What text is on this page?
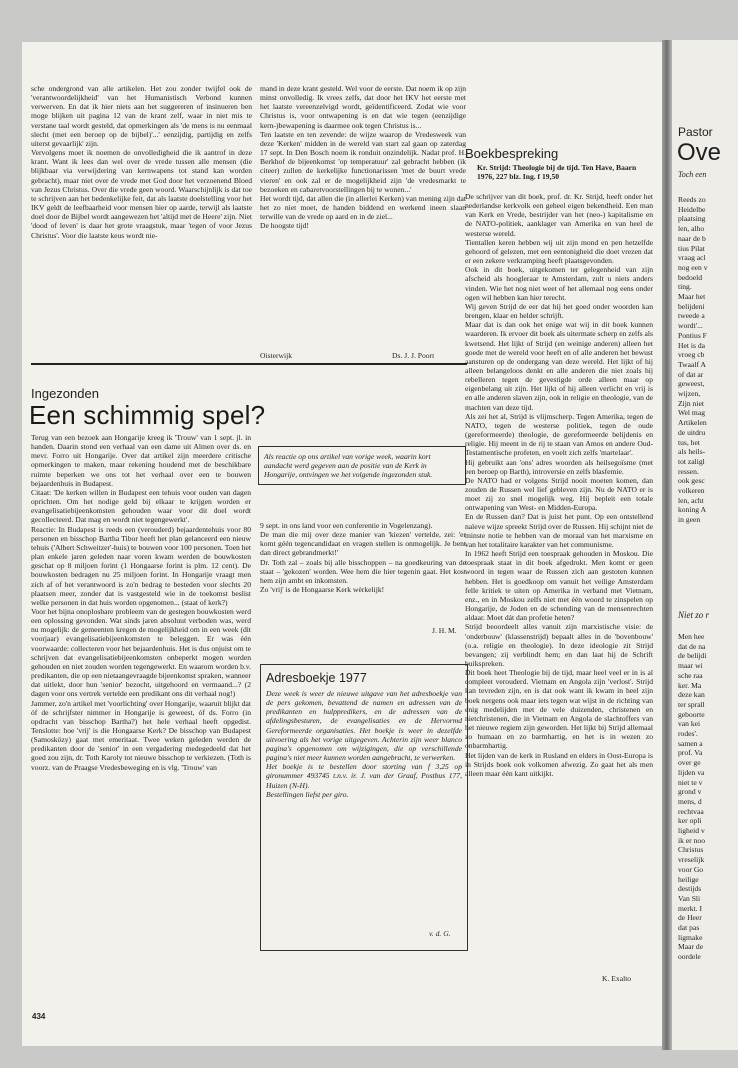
sche ondergrond van alle artikelen. Het zou zonder twijfel ook de 'verantwoordelijkheid' van het Humanistisch Verbond kunnen verwerven. En dat ik hier niets aan het suggereren of insinueren ben moge blijken uit pagina 12 van de krant zelf, waar in niet mis te verstane taal wordt gesteld, dat opmerkingen als 'de mens is nu eenmaal slecht (met een beroep op de bijbel)'...' eenzijdig, partijdig en zelfs uiterst gevaarlijk' zijn.
Vervolgens moet ik noemen de onvolledigheid die ik aantrof in deze krant. Want ik lees dan wel over de vrede tussen alle mensen (die blijkbaar via verwijdering van kernwapens tot stand kan worden gebracht), maar niet over de vrede met God door het verzoenend Bloed van Jezus Christus. Over die vrede geen woord. Waarschijnlijk is dat toe te schrijven aan het bedenkelijke feit, dat als laatste doelstelling voor het IKV geldt de leefbaarheid voor mensen hier op aarde, terwijl als laatste doel door de Bijbel wordt aangewezen het 'altijd met de Heere' zijn. Niet 'dood of leven' is daar het grote vraagstuk, maar 'tegen of voor Jezus Christus'. Voor die laatste keus wordt nie-
mand in deze krant gesteld. Wel voor de eerste. Dat noem ik op zijn minst onvolledig. Ik vrees zelfs, dat door het IKV het eerste met het laatste vereenzelvigd wordt, geïdentificeerd. Zodat wie voor Christus is, voor ontwapening is en dat wie tegen (eenzijdige kern-)bewapening is daarmee ook tegen Christus is...
Ten laatste en ten zevende: de wijze waarop de Vredesweek van deze 'Kerken' midden in de wereld van start zal gaan op zaterdag 17 sept. In Den Bosch noem ik ronduit onzindelijk. Nadat prof. H. Berkhof de bijeenkomst 'op temperatuur' zal gebracht hebben (ik citeer) zullen de kerkelijke functionarissen 'met de buurt vrede vieren' en ook zal er de mogelijkheid zijn 'de vredesmarkt te bezoeken en cabaretvoorstellingen bij te wonen...'
Het wordt tijd, dat allen die (in allerlei Kerken) van mening zijn dat het zo niet moet, de handen biddend en werkend ineen slaan terwille van de vrede op aard en in de ziel...
De hoogste tijd!
Oisterwijk	Ds. J. J. Poort
Ingezonden
Een schimmig spel?
Terug van een bezoek aan Hongarije kreeg ik 'Trouw' van 1 sept. jl. in handen. Daarin stond een verhaal van een dame uit Almen over ds. en mevr. Forro uit Hongarije. Over dat artikel zijn meerdere critische opmerkingen te maken, maar rekening houdend met de beschikbare ruimte beperken we ons tot het verhaal over een te bouwen bejaardenhuis in Budapest.
Citaat: 'De kerken willen in Budapest een tehuis voor ouden van dagen oprichten. Om het nodige geld bij elkaar te krijgen worden er evangelisatiebijeenkomsten gehouden waar voor dit doel wordt gecollecteerd. Dat mag en wordt niet tegengewerkt'.
Reactie: In Budapest is reeds een (verouderd) bejaardentehuis voor 80 personen en bisschop Bartha Tibor heeft het plan gelanceerd een nieuw tehuis ('Albert Schweitzer'-huis) te bouwen voor 100 personen. Toen het plan enkele jaren geleden naar voren kwam werden de bouwkosten geschat op 8 miljoen forint (1 Hongaarse forint is plm. 12 cent). De bouwkosten bedragen nu 25 miljoen forint. In Hongarije vraagt men zich af of het verantwoord is zo'n bedrag te besteden voor slechts 20 plaatsen meer, zonder dat is vastgesteld wie in de toekomst beslist welke personen in dat huis worden opgenomen... (staat of kerk?)
Voor het bijna onoplosbare probleem van de gestegen bouwkosten werd een oplossing gevonden. Wat sinds jaren absoluut verboden was, werd nu mogelijk: de gemeenten kregen de mogelijkheid om in een week (dit voorjaar) evangelisatiebijeenkomsten te beleggen. Er was één voorwaarde: collecteren voor het bejaardenhuis. Het is dus onjuist om te schrijven dat evangelisatiebijeenkomsten onbeperkt mogen worden gehouden en niet zouden worden tegengewerkt. En waarom worden b.v. predikanten, die op een nietaangevraagde bijeenkomst spraken, wanneer dat uitlekt, door hun 'senior' bezocht, uitgehoord en vermaand...? (2 dagen voor ons vertrek vertelde een predikant ons dit verhaal nog!)
Jammer, zo'n artikel met 'voorlichting' over Hongarije, waaruit blijkt dat óf de schrijfster nimmer in Hongarije is geweest, óf ds. Forro (in opdracht van bisschop Bartha?) het hele verhaal heeft opgedist. Tenslotte: hoe 'vrij' is die Hongaarse Kerk? De bisschop van Budapest (Samosközy) gaat met emeritaat. Twee weken geleden werden de predikanten door de 'senior' in een vergadering medegedeeld dat het goed zou zijn, dr. Toth Karoly tot nieuwe bisschop te verkiezen. (Toth is voorz. van de Praagse Vredesbeweging en is vlg. 'Trouw' van
Als reactie op ons artikel van vorige week, waarin kort aandacht werd gegeven aan de positie van de Kerk in Hongarije, ontvingen we het volgende ingezonden stuk.
9 sept. in ons land voor een conferentie in Vogelenzang).
De man die mij over deze manier van 'kiezen' vertelde, zei: 'er komt géén tegencandidaat en vragen stellen is onmogelijk. Je bent dan direct gebrandmerkt!'
Dr. Toth zal – zoals bij alle bisschoppen – na goedkeuring van de staat – 'gekozen' worden. Wee hem die hier tegenin gaat. Het kost hem zijn ambt en inkomsten.
Zo 'vrij' is de Hongaarse Kerk wèrkelijk!
J. H. M.
Adresboekje 1977
Deze week is weer de nieuwe uitgave van het adresboekje van de pers gekomen, bevattend de namen en adressen van de predikanten en hulppredikers, en de adressen van de afdelingsbesturen, de evangelisaties en de Hervormd Gereformeerde organisaties. Het boekje is weer in dezelfde uitvoering als het vorige uitgegeven. Achterin zijn weer blanco pagina's opgenomen om wijzigingen, die op verschillende pagina's niet meer kunnen worden aangebracht, te verwerken.
Het boekje is te bestellen door storting van f 3,25 op gironummer 493745 t.n.v. ir. J. van der Graaf, Postbus 177, Huizen (N-H).
Bestellingen liefst per giro.
v. d. G.
Boekbespreking
Kr. Strijd: Theologie bij de tijd. Ten Have, Baarn 1976, 227 blz. Ing. f 19,50
De schrijver van dit boek, prof. dr. Kr. Strijd, heeft onder het nederlandse kerkvolk een geheel eigen bekendheid. Een man van Kerk en Vrede, bestrijder van het (neo-) kapitalisme en de NATO-politiek, aanklager van Amerika en van heel de westerse wereld.
Tientallen keren hebben wij uit zijn mond en pen hetzelfde gehoord of gelezen, met een eentonigheid die doet vrezen dat er een zekere verkramping heeft plaatsgevonden.
Ook in dit boek, uitgekomen ter gelegenheid van zijn afscheid als hoogleraar te Amsterdam, zult u niets anders vinden. Wie het nog niet weet of het allemaal nog eens onder ogen wil hebben kan hier terecht.
Wij geven Strijd de eer dat hij het goed onder woorden kan brengen, klaar en helder schrijft.
Maar dat is dan ook het enige wat wij in dit boek kunnen waarderen. Ik ervoer dit boek als uitermate scherp en zelfs als kwetsend. Het lijkt of Strijd (en weinige anderen) alleen het goede met de wereld voor heeft en of alle anderen het bewust aansturen op de ondergang van deze wereld. Het lijkt of hij alleen belangeloos denkt en alle anderen die niet zoals hij rebelleren tegen de gevestigde orde alleen maar op eigenbelang uit zijn. Het lijkt of hij alleen verlicht en vrij is en alle anderen slaven zijn, ook in religie en theologie, van de machten van deze tijd.
Als zei het al, Strijd is vlijmscherp. Tegen Amerika, tegen de NATO, tegen de westerse politiek, tegen de oude (gereformeerde) theologie, de gereformeerde belijdenis en religie. Hij meent in de rij te staan van Amos en andere Oud-Testamentische profeten, en voelt zich zelfs 'martelaar'.
Hij gebruikt aan 'ons' adres woorden als heilsegoïsme (met een beroep op Barth), introversie en zelfs blasfemie.
De NATO had er volgens Strijd nooit moeten komen, dan zouden de Russen wel lief gebleven zijn. Nu de NATO er is moet zij zo snel mogelijk weg. Hij bepleit een totale ontwapening van West- en Midden-Europa.
En de Russen dan? Dat is juist het punt. Op een ontstellend naïeve wijze spreekt Strijd over de Russen. Hij schijnt niet de minste notie te hebben van de moraal van het marxisme en van het totalitaire karakter van het communisme.
In 1962 heeft Strijd een toespraak gehouden in Moskou. Die toespraak staat in dit boek afgedrukt. Men komt er geen woord in tegen waar de Russen zich aan gestoten kunnen hebben. Het is goedkoop om vanuit het veilige Amsterdam felle kritiek te uiten op Amerika in verband met Vietnam, enz., en in Moskou zelfs niet met één woord te zinspelen op Hongarije, de Joden en de schending van de mensenrechten aldaar. Moet dát dan profetie heten?
Strijd beoordeelt alles vanuit zijn marxistische visie: de 'onderbouw' (klassenstrijd) bepaalt alles in de 'bovenbouw' (o.a. religie en theologie). In deze ideologie zit Strijd bevangen; zij verblindt hem; en dan laat hij de Schrift buikspreken.
Dit boek heet Theologie bij de tijd, maar heel veel er in is al compleet verouderd. Vietnam en Angola zijn 'verlost'. Strijd kan tevreden zijn, en is dat ook want ik kwam in heel zijn boek nergens ook maar iets tegen wat wijst in de richting van enig medelijden met de vele duizenden, christenen en nietchristenen, die in Vietnam en Angola de slachtoffers van het nieuwe regiem zijn geworden. Het lijkt bij Strijd allemaal zo humaan en zo barmhartig, en het is in wezen zo onbarmhartig.
Het lijden van de kerk in Rusland en elders in Oost-Europa is in Strijds boek ook volkomen afwezig. Zo gaat het als men alleen maar één kant uitkijkt.
K. Exalto
434
Pastor
Ove
Toch een
Reeds zo
Heidelbe
plaatsing
len, alho
naar de b
tius Pilat
vraag acl
nog een v
bedoeld
ting.
Maar het
belijdeni
tweede a
wordt'...
Pontius F
Het is da
vroeg cb
Twaalf A
of dat ar
geweest,
wijzen,
Zijn niet
Wel mag
Artikelen
de uitdru
tus, het
als heils-
tot zaligl
ressen.
ook gesc
volkeren
len, acht
koning A
in geen
Niet zo r
Men hee
dat de na
de belijdi
maar wi
sche raa
ker. Ma
deze kan
ter sprall
geboorte
van kei
rodes'.
samen a
prof. Va
over ge
lijden va
niet te v
grond v
mens, d
rechtvaa
ker opli
ligheid v
ik er noo
Christus
vreselijk
voor Go
heilige
destijds
Van Sli
merkt. I
de Heer
dat pas
ligmake
Maar de
oordele
